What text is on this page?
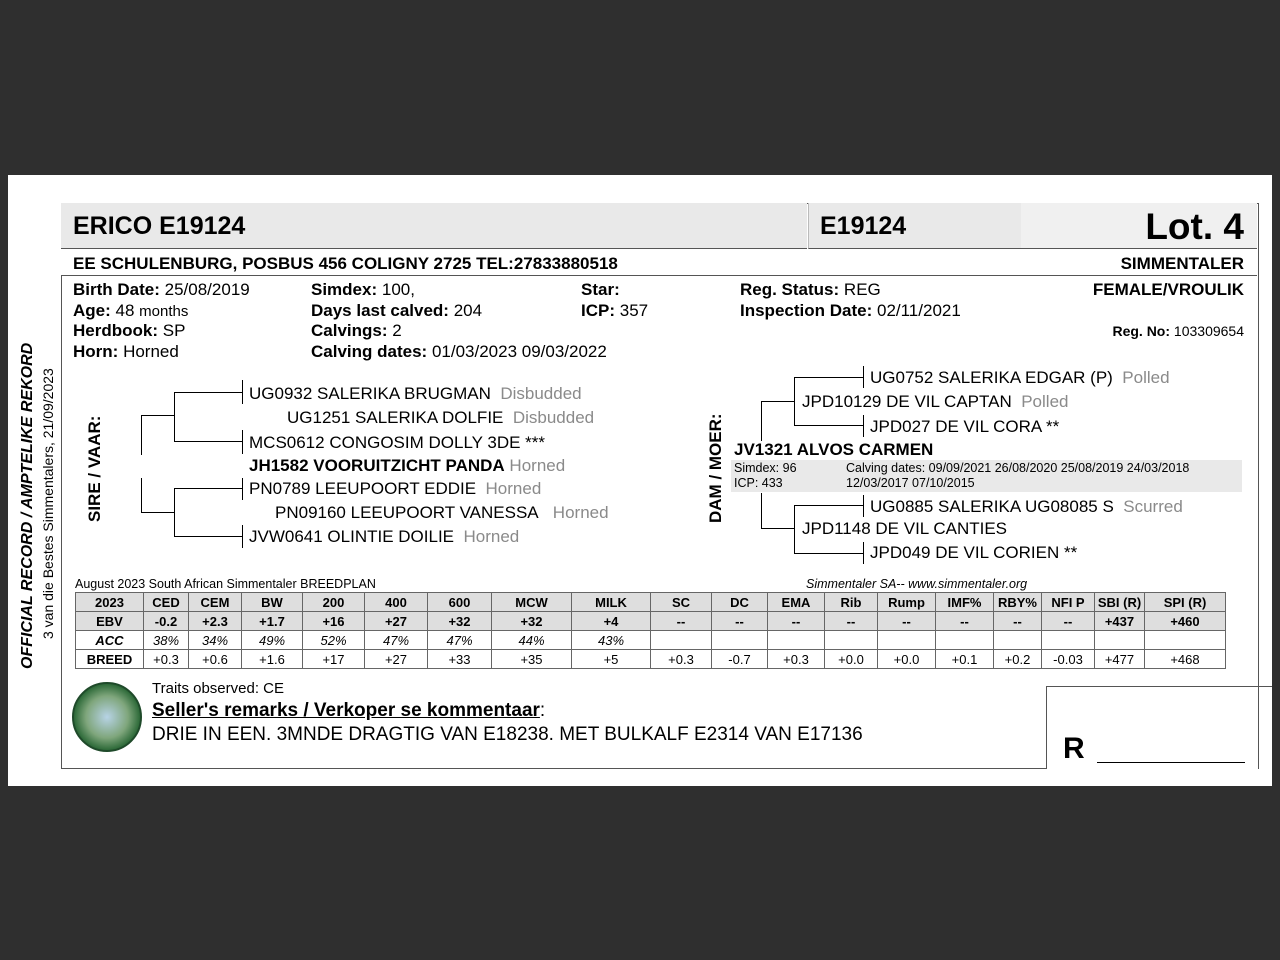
OFFICIAL RECORD / AMPTELIKE REKORD 3 van die Bestes Simmentalers, 21/09/2023
ERICO E19124	E19124	Lot. 4
EE SCHULENBURG, POSBUS 456 COLIGNY 2725 TEL:27833880518	SIMMENTALER
Birth Date: 25/08/2019
Age: 48 months
Herdbook: SP
Horn: Horned
Simdex: 100,
Days last calved: 204
Calvings: 2
Calving dates: 01/03/2023 09/03/2022
Star:
ICP: 357
Reg. Status: REG
Inspection Date: 02/11/2021
FEMALE/VROULIK
Reg. No: 103309654
SIRE / VAAR:
UG0932 SALERIKA BRUGMAN Disbudded
UG1251 SALERIKA DOLFIE Disbudded
MCS0612 CONGOSIM DOLLY 3DE ***
JH1582 VOORUITZICHT PANDA Horned
PN0789 LEEUPOORT EDDIE Horned
PN09160 LEEUPOORT VANESSA Horned
JVW0641 OLINTIE DOILIE Horned
DAM / MOER:
UG0752 SALERIKA EDGAR (P) Polled
JPD10129 DE VIL CAPTAN Polled
JPD027 DE VIL CORA **
JV1321 ALVOS CARMEN
Simdex: 96
ICP: 433
Calving dates: 09/09/2021 26/08/2020 25/08/2019 24/03/2018
12/03/2017 07/10/2015
UG0885 SALERIKA UG08085 S Scurred
JPD1148 DE VIL CANTIES
JPD049 DE VIL CORIEN **
August 2023 South African Simmentaler BREEDPLAN	Simmentaler SA-- www.simmentaler.org
2023	CED	CEM	BW	200	400	600	MCW	MILK	SC	DC	EMA	Rib	Rump	IMF%	RBY%	NFI P	SBI (R)	SPI (R)
EBV	-0.2	+2.3	+1.7	+16	+27	+32	+32	+4	--	--	--	--	--	--	--	--	+437	+460
ACC	38%	34%	49%	52%	47%	47%	44%	43%										
BREED	+0.3	+0.6	+1.6	+17	+27	+33	+35	+5	+0.3	-0.7	+0.3	+0.0	+0.0	+0.1	+0.2	-0.03	+477	+468
Traits observed: CE
Seller's remarks / Verkoper se kommentaar:
DRIE IN EEN. 3MNDE DRAGTIG VAN E18238. MET BULKALF E2314 VAN E17136	R
